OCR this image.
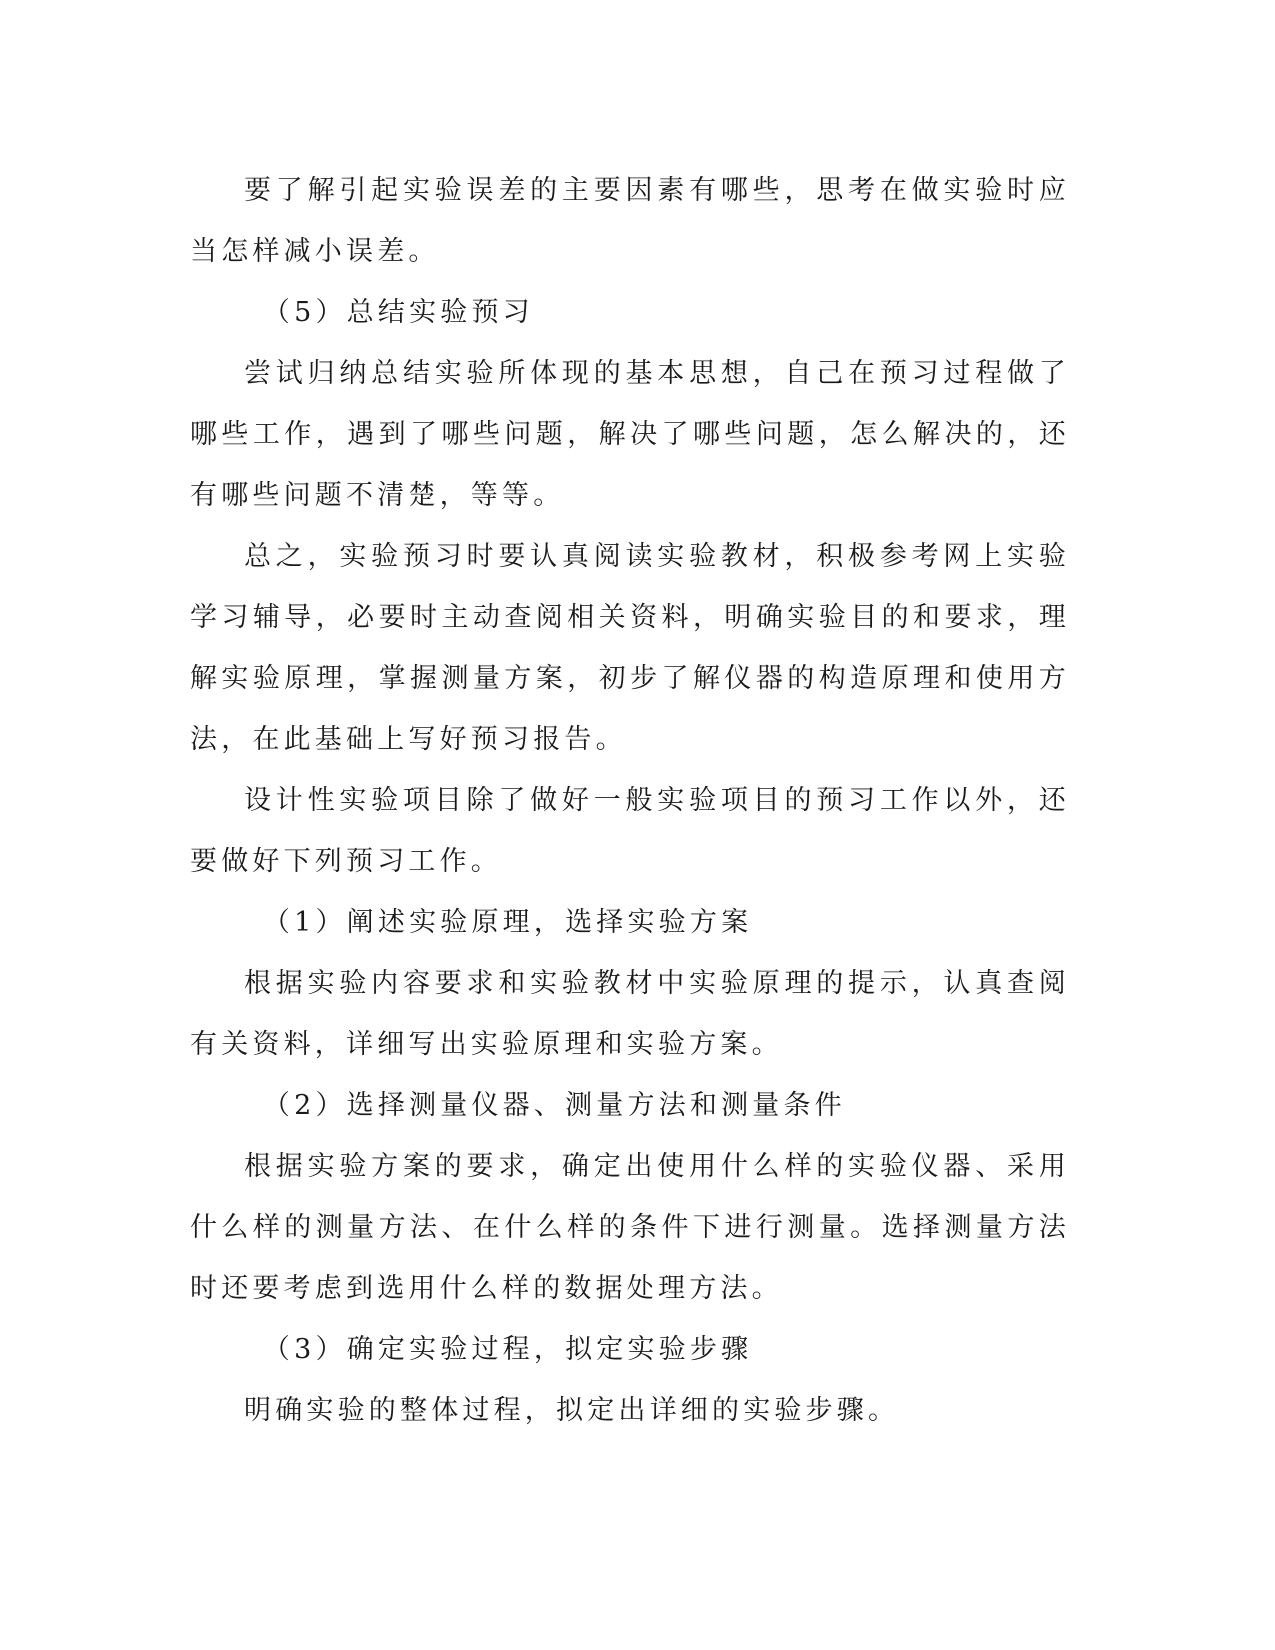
要了解引起实验误差的主要因素有哪些，思考在做实验时应当怎样减小误差。

（5）总结实验预习

尝试归纳总结实验所体现的基本思想，自己在预习过程做了哪些工作，遇到了哪些问题，解决了哪些问题，怎么解决的，还有哪些问题不清楚，等等。

总之，实验预习时要认真阅读实验教材，积极参考网上实验学习辅导，必要时主动查阅相关资料，明确实验目的和要求，理解实验原理，掌握测量方案，初步了解仪器的构造原理和使用方法，在此基础上写好预习报告。

设计性实验项目除了做好一般实验项目的预习工作以外，还要做好下列预习工作。

（1）阐述实验原理，选择实验方案

根据实验内容要求和实验教材中实验原理的提示，认真查阅有关资料，详细写出实验原理和实验方案。

（2）选择测量仪器、测量方法和测量条件

根据实验方案的要求，确定出使用什么样的实验仪器、采用什么样的测量方法、在什么样的条件下进行测量。选择测量方法时还要考虑到选用什么样的数据处理方法。

（3）确定实验过程，拟定实验步骤

明确实验的整体过程，拟定出详细的实验步骤。
